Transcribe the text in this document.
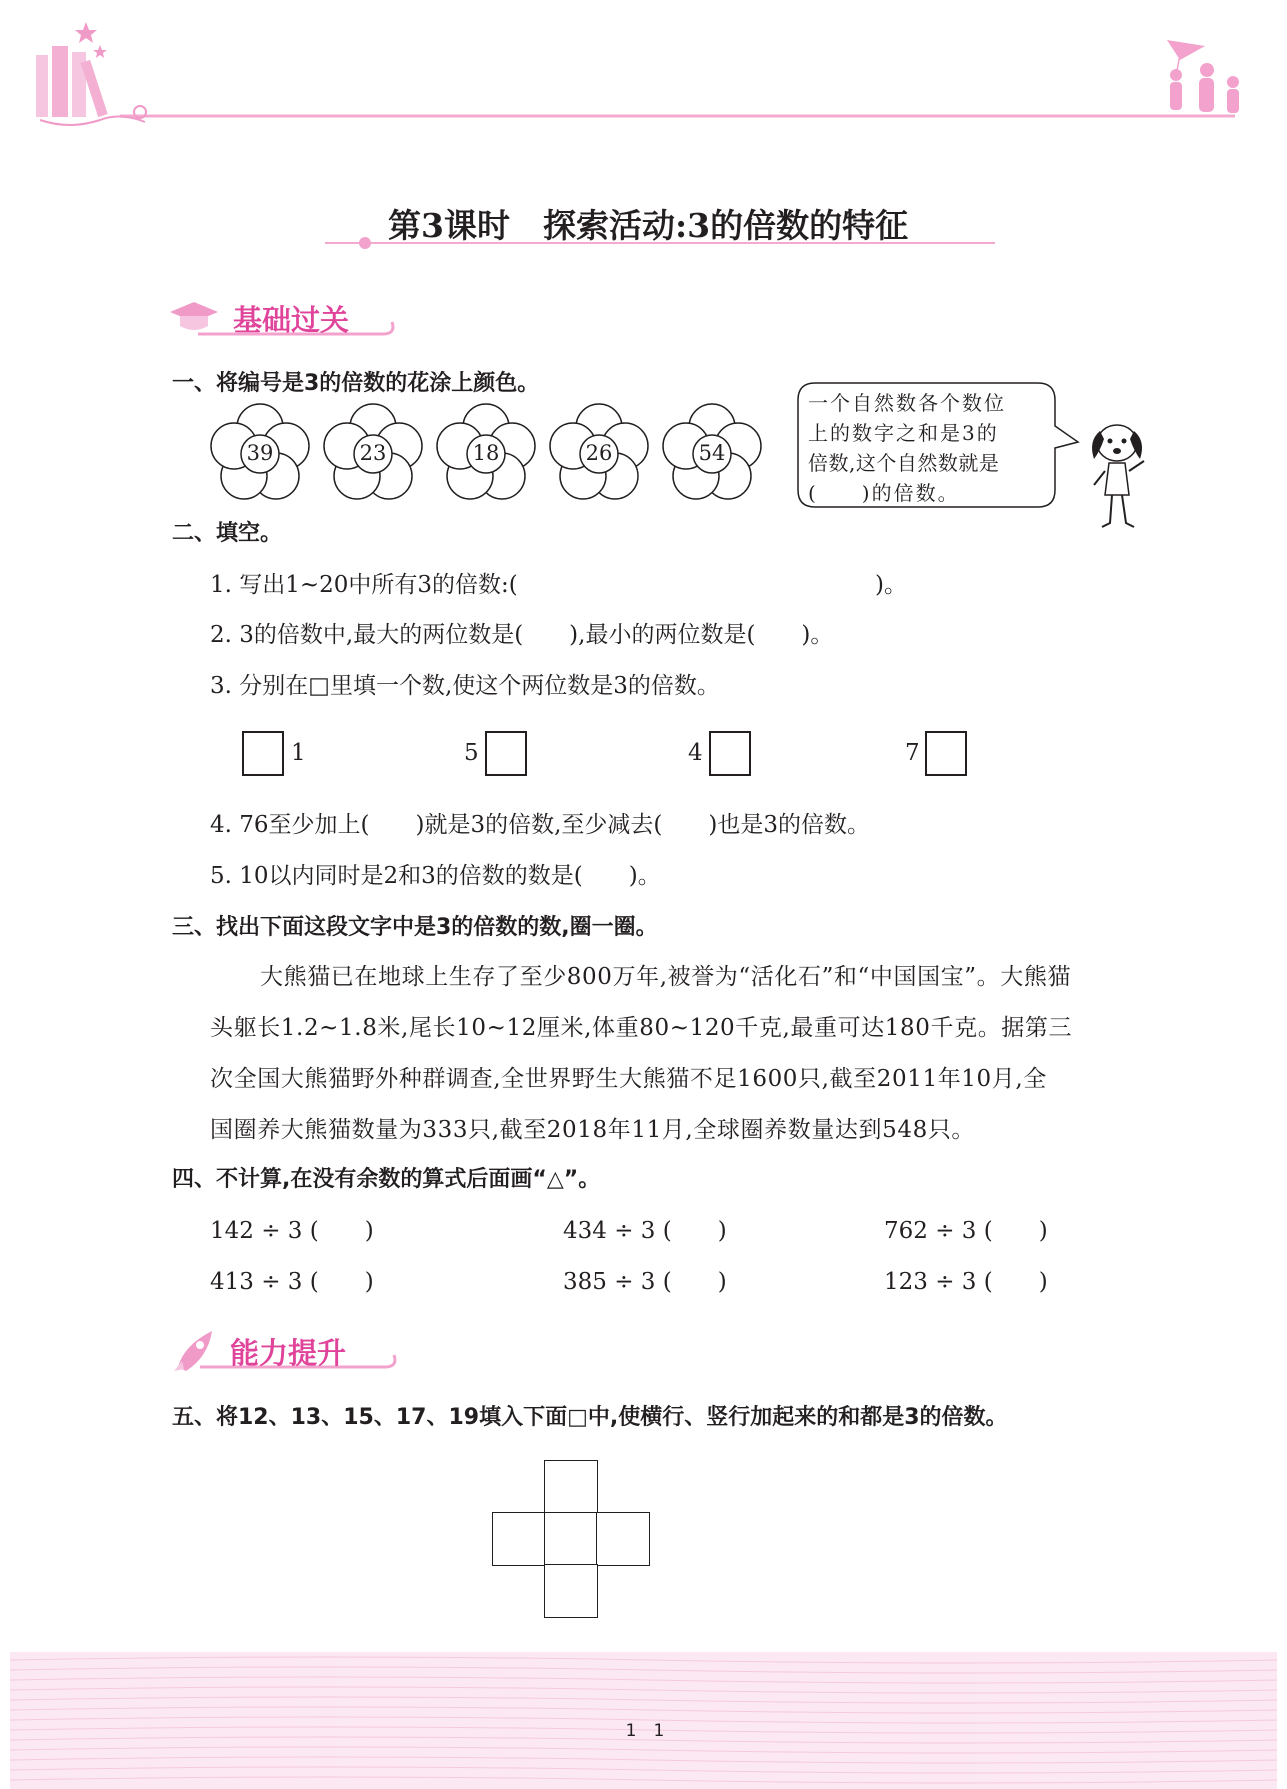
第3课时　探索活动:3的倍数的特征
基础过关
一、将编号是3的倍数的花涂上颜色。
39	23	18	26	54
一个自然数各个数位
上的数字之和是3的
倍数,这个自然数就是
(　　)的倍数。
二、填空。
1. 写出1~20中所有3的倍数:(	)。
2. 3的倍数中,最大的两位数是(　　),最小的两位数是(　　)。
3. 分别在□里填一个数,使这个两位数是3的倍数。
1	5	4	7
4. 76至少加上(　　)就是3的倍数,至少减去(　　)也是3的倍数。
5. 10以内同时是2和3的倍数的数是(　　)。
三、找出下面这段文字中是3的倍数的数,圈一圈。
大熊猫已在地球上生存了至少800万年,被誉为“活化石”和“中国国宝”。大熊猫
头躯长1.2~1.8米,尾长10~12厘米,体重80~120千克,最重可达180千克。据第三
次全国大熊猫野外种群调查,全世界野生大熊猫不足1600只,截至2011年10月,全
国圈养大熊猫数量为333只,截至2018年11月,全球圈养数量达到548只。
四、不计算,在没有余数的算式后面画“△”。
142 ÷ 3 (　　)	434 ÷ 3 (　　)	762 ÷ 3 (　　)
413 ÷ 3 (　　)	385 ÷ 3 (　　)	123 ÷ 3 (　　)
能力提升
五、将12、13、15、17、19填入下面□中,使横行、竖行加起来的和都是3的倍数。
1　1
